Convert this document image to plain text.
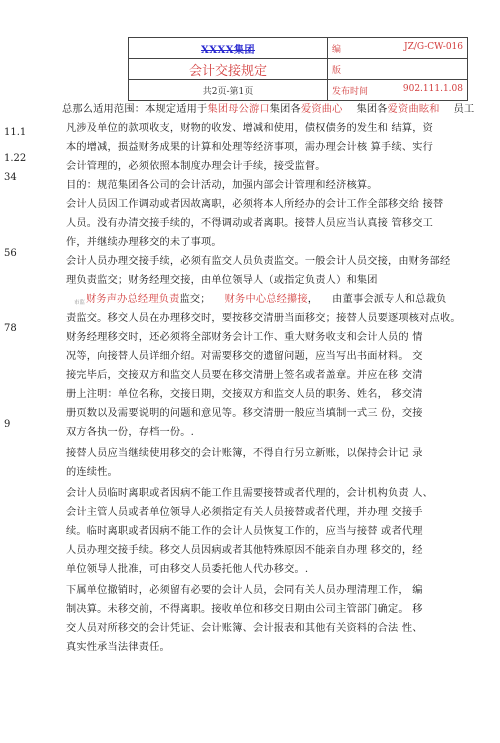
XXXX集团	编 JZ/G-CW-016

会计交接规定	版
共2页-第1页	发布时间 902.111.1.08
11.1
1.22
34
56
78
9
市监
总那么适用范围：本规定适用于集团母公游口集团各爱资曲心 集团各爱资曲眩和 员工
凡涉及单位的款项收支，财物的收发、增减和使用，债权债务的发生和 结算，资
本的增减，损益财务成果的计算和处理等经济事项，需办理会计核 算手续、实行
会计管理的，必须依照本制度办理会计手续，接受监督。
目的：规范集团各公司的会计活动，加强内部会计管理和经济核算。
会计人员因工作调动或者因故离职，必须将本人所经办的会计工作全部移交给 接替
人员。没有办清交接手续的，不得调动或者离职。接替人员应当认真接 管移交工
作，并继续办理移交的未了事项。
会计人员办理交接手续，必须有监交人员负责监交。一般会计人员交接，由财务部经
理负责监交；财务经理交接，由单位领导人（或指定负责人）和集团
财务声办总经理负责监交； 财务中心总经攥接， 由董事会派专人和总裁负
责监交。移交人员在办理移交时，要按移交清册当面移交；接替人员要逐项核对点收。
财务经理移交时，还必须将全部财务会计工作、重大财务收支和会计人员的 情
况等，向接替人员详细介绍。对需要移交的遗留问题，应当写出书面材料。 交
接完毕后，交接双方和监交人员要在移交清册上签名或者盖章。并应在移 交清
册上注明：单位名称，交接日期，交接双方和监交人员的职务、姓名， 移交清
册页数以及需要说明的问题和意见等。移交清册一般应当填制一式三 份，交接
双方各执一份，存档一份。.
接替人员应当继续使用移交的会计账簿，不得自行另立新账，以保持会计记 录
的连续性。
会计人员临时离职或者因病不能工作且需要接替或者代理的，会计机构负责 人、
会计主管人员或者单位领导人必须指定有关人员接替或者代理，并办理 交接手
续。临时离职或者因病不能工作的会计人员恢复工作的，应当与接替 或者代理
人员办理交接手续。移交人员因病或者其他特殊原因不能亲自办理 移交的，经
单位领导人批准，可由移交人员委托他人代办移交。.
下属单位撤销时，必须留有必要的会计人员，会同有关人员办理清理工作， 编
制决算。未移交前，不得离职。接收单位和移交日期由公司主管部门确定。 移
交人员对所移交的会计凭证、会计账簿、会计报表和其他有关资料的合法 性、
真实性承当法律责任。
